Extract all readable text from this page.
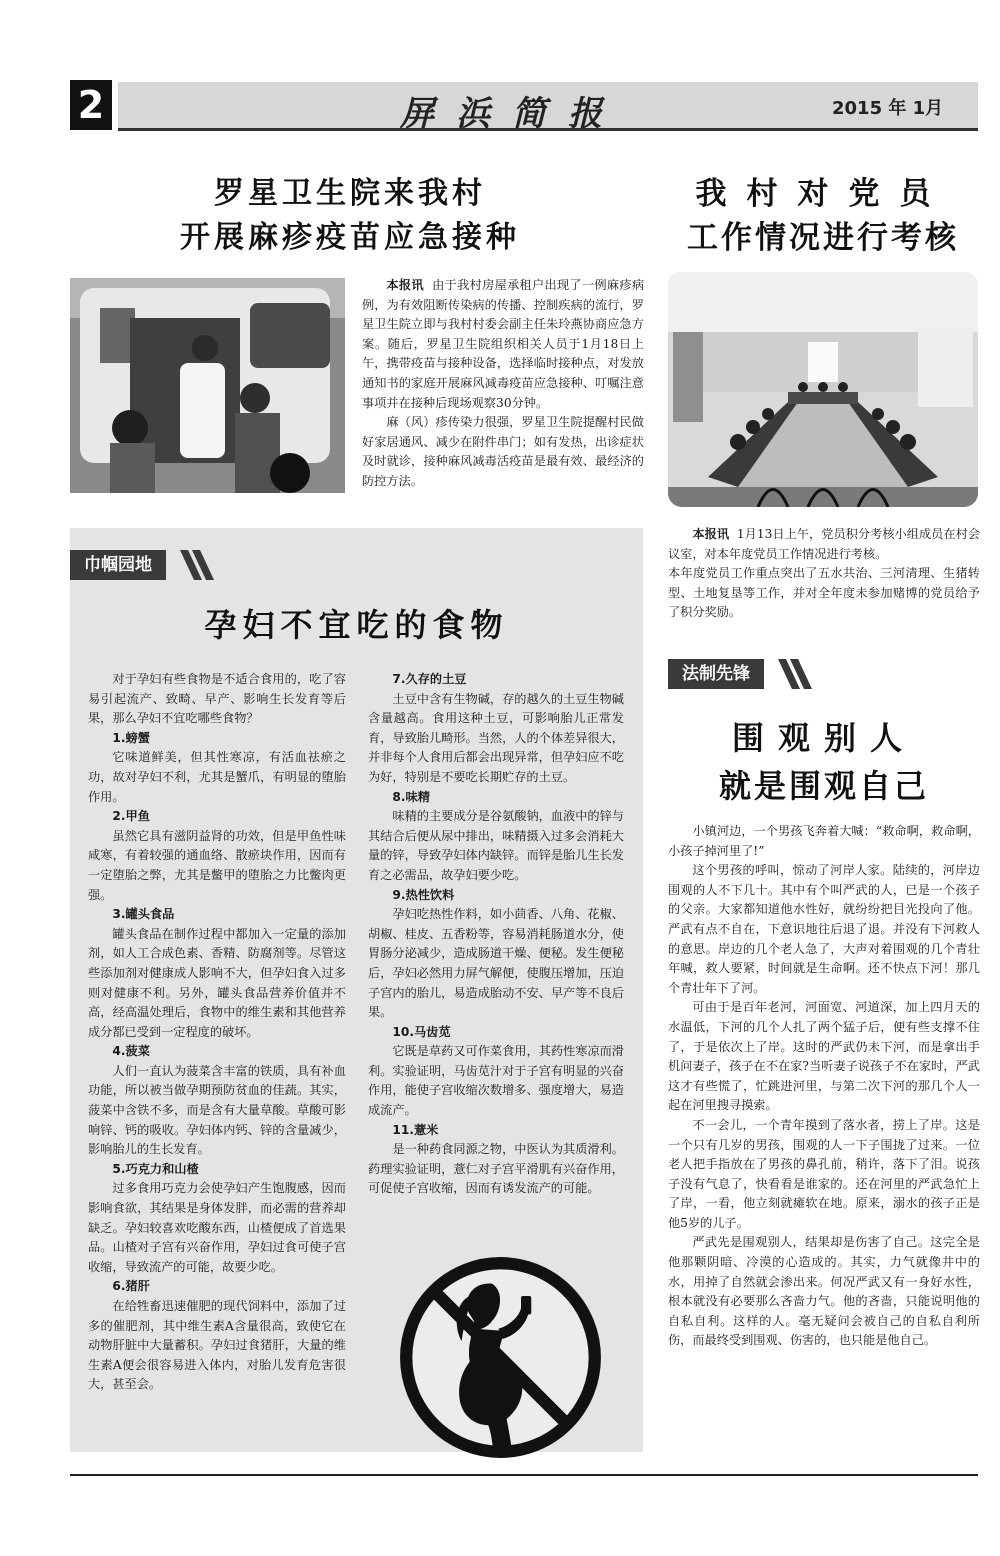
2	屏浜简报	2015 年 1月
罗星卫生院来我村
开展麻疹疫苗应急接种

本报讯 由于我村房屋承租户出现了一例麻疹病例，为有效阻断传染病的传播、控制疾病的流行，罗星卫生院立即与我村村委会副主任朱玲燕协商应急方案。随后，罗星卫生院组织相关人员于1月18日上午，携带疫苗与接种设备，选择临时接种点，对发放通知书的家庭开展麻风减毒疫苗应急接种、叮嘱注意事项并在接种后现场观察30分钟。

麻（风）疹传染力很强，罗星卫生院提醒村民做好家居通风、减少在附件串门；如有发热，出诊症状及时就诊，接种麻风减毒活疫苗是最有效、最经济的防控方法。

我村对党员
工作情况进行考核

本报讯 1月13日上午，党员积分考核小组成员在村会议室，对本年度党员工作情况进行考核。

本年度党员工作重点突出了五水共治、三河清理、生猪转型、土地复垦等工作，并对全年度未参加赌博的党员给予了积分奖励。

巾帼园地
孕妇不宜吃的食物

对于孕妇有些食物是不适合食用的，吃了容易引起流产、致畸、早产、影响生长发育等后果，那么孕妇不宜吃哪些食物？

1.螃蟹

它味道鲜美，但其性寒凉，有活血祛瘀之功，故对孕妇不利，尤其是蟹爪，有明显的堕胎作用。

2.甲鱼

虽然它具有滋阴益肾的功效，但是甲鱼性味咸寒，有着较强的通血络、散瘀块作用，因而有一定堕胎之弊，尤其是鳖甲的堕胎之力比鳖肉更强。

3.罐头食品

罐头食品在制作过程中都加入一定量的添加剂，如人工合成色素、香精、防腐剂等。尽管这些添加剂对健康成人影响不大，但孕妇食入过多则对健康不利。另外，罐头食品营养价值并不高，经高温处理后，食物中的维生素和其他营养成分都已受到一定程度的破坏。

4.菠菜

人们一直认为菠菜含丰富的铁质，具有补血功能，所以被当做孕期预防贫血的佳蔬。其实，菠菜中含铁不多，而是含有大量草酸。草酸可影响锌、钙的吸收。孕妇体内钙、锌的含量减少，影响胎儿的生长发育。

5.巧克力和山楂

过多食用巧克力会使孕妇产生饱腹感，因而影响食欲，其结果是身体发胖，而必需的营养却缺乏。孕妇较喜欢吃酸东西，山楂便成了首选果品。山楂对子宫有兴奋作用，孕妇过食可使子宫收缩，导致流产的可能，故要少吃。

6.猪肝

在给牲畜迅速催肥的现代饲料中，添加了过多的催肥剂，其中维生素A含量很高，致使它在动物肝脏中大量蓄积。孕妇过食猪肝，大量的维生素A便会很容易进入体内，对胎儿发育危害很大，甚至会。

7.久存的土豆

土豆中含有生物碱，存的越久的土豆生物碱含量越高。食用这种土豆，可影响胎儿正常发育，导致胎儿畸形。当然，人的个体差异很大，并非每个人食用后都会出现异常，但孕妇应不吃为好，特别是不要吃长期贮存的土豆。

8.味精

味精的主要成分是谷氨酸钠，血液中的锌与其结合后便从尿中排出，味精摄入过多会消耗大量的锌，导致孕妇体内缺锌。而锌是胎儿生长发育之必需品，故孕妇要少吃。

9.热性饮料

孕妇吃热性作料，如小茴香、八角、花椒、胡椒、桂皮、五香粉等，容易消耗肠道水分，使胃肠分泌减少，造成肠道干燥、便秘。发生便秘后，孕妇必然用力屏气解便，使腹压增加，压迫子宫内的胎儿，易造成胎动不安、早产等不良后果。

10.马齿苋

它既是草药又可作菜食用，其药性寒凉而滑利。实验证明，马齿苋汁对于子宫有明显的兴奋作用，能使子宫收缩次数增多、强度增大，易造成流产。

11.薏米

是一种药食同源之物，中医认为其质滑利。药理实验证明，薏仁对子宫平滑肌有兴奋作用，可促使子宫收缩，因而有诱发流产的可能。

法制先锋
围观别人
就是围观自己

小镇河边，一个男孩飞奔着大喊：“救命啊，救命啊，小孩子掉河里了!”

这个男孩的呼叫，惊动了河岸人家。陆续的，河岸边围观的人不下几十。其中有个叫严武的人，已是一个孩子的父亲。大家都知道他水性好，就纷纷把目光投向了他。严武有点不自在，下意识地往后退了退。并没有下河救人的意思。岸边的几个老人急了，大声对着围观的几个青壮年喊，救人要紧，时间就是生命啊。还不快点下河！那几个青壮年下了河。

可由于是百年老河，河面宽、河道深，加上四月天的水温低，下河的几个人扎了两个猛子后，便有些支撑不住了，于是依次上了岸。这时的严武仍未下河，而是拿出手机问妻子，孩子在不在家?当听妻子说孩子不在家时，严武这才有些慌了，忙跳进河里，与第二次下河的那几个人一起在河里搜寻摸索。

不一会儿，一个青年摸到了落水者，捞上了岸。这是一个只有几岁的男孩，围观的人一下子围拢了过来。一位老人把手指放在了男孩的鼻孔前，稍许，落下了泪。说孩子没有气息了，快看看是谁家的。还在河里的严武急忙上了岸，一看，他立刻就瘫软在地。原来，溺水的孩子正是他5岁的儿子。

严武先是围观别人，结果却是伤害了自己。这完全是他那颗阴暗、冷漠的心造成的。其实，力气就像井中的水，用掉了自然就会渗出来。何况严武又有一身好水性，根本就没有必要那么吝啬力气。他的吝啬，只能说明他的自私自利。这样的人。毫无疑问会被自己的自私自利所伤，而最终受到围观、伤害的，也只能是他自己。
